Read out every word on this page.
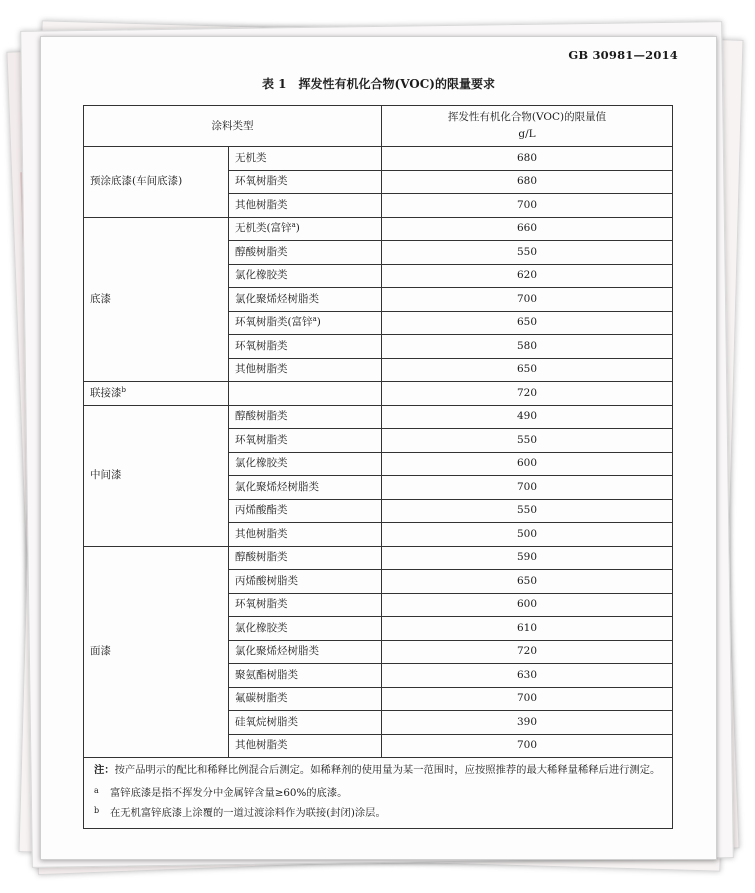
GB 30981—2014
表 1　挥发性有机化合物(VOC)的限量要求
涂料类型		挥发性有机化合物(VOC)的限量值
g/L
预涂底漆(车间底漆)	无机类	680
	环氧树脂类	680
	其他树脂类	700
底漆	无机类(富锌$^a$)	660
	醇酸树脂类	550
	氯化橡胶类	620
	氯化聚烯烃树脂类	700
	环氧树脂类(富锌$^a$)	650
	环氧树脂类	580
	其他树脂类	650
联接漆$^b$		720
中间漆	醇酸树脂类	490
	环氧树脂类	550
	氯化橡胶类	600
	氯化聚烯烃树脂类	700
	丙烯酸酯类	550
	其他树脂类	500
面漆	醇酸树脂类	590
	丙烯酸树脂类	650
	环氧树脂类	600
	氯化橡胶类	610
	氯化聚烯烃树脂类	720
	聚氨酯树脂类	630
	氟碳树脂类	700
	硅氧烷树脂类	390
	其他树脂类	700

注：按产品明示的配比和稀释比例混合后测定。如稀释剂的使用量为某一范围时，应按照推荐的最大稀释量稀释后进行测定。
a 富锌底漆是指不挥发分中金属锌含量≥60%的底漆。
b 在无机富锌底漆上涂覆的一道过渡涂料作为联接(封闭)涂层。		
